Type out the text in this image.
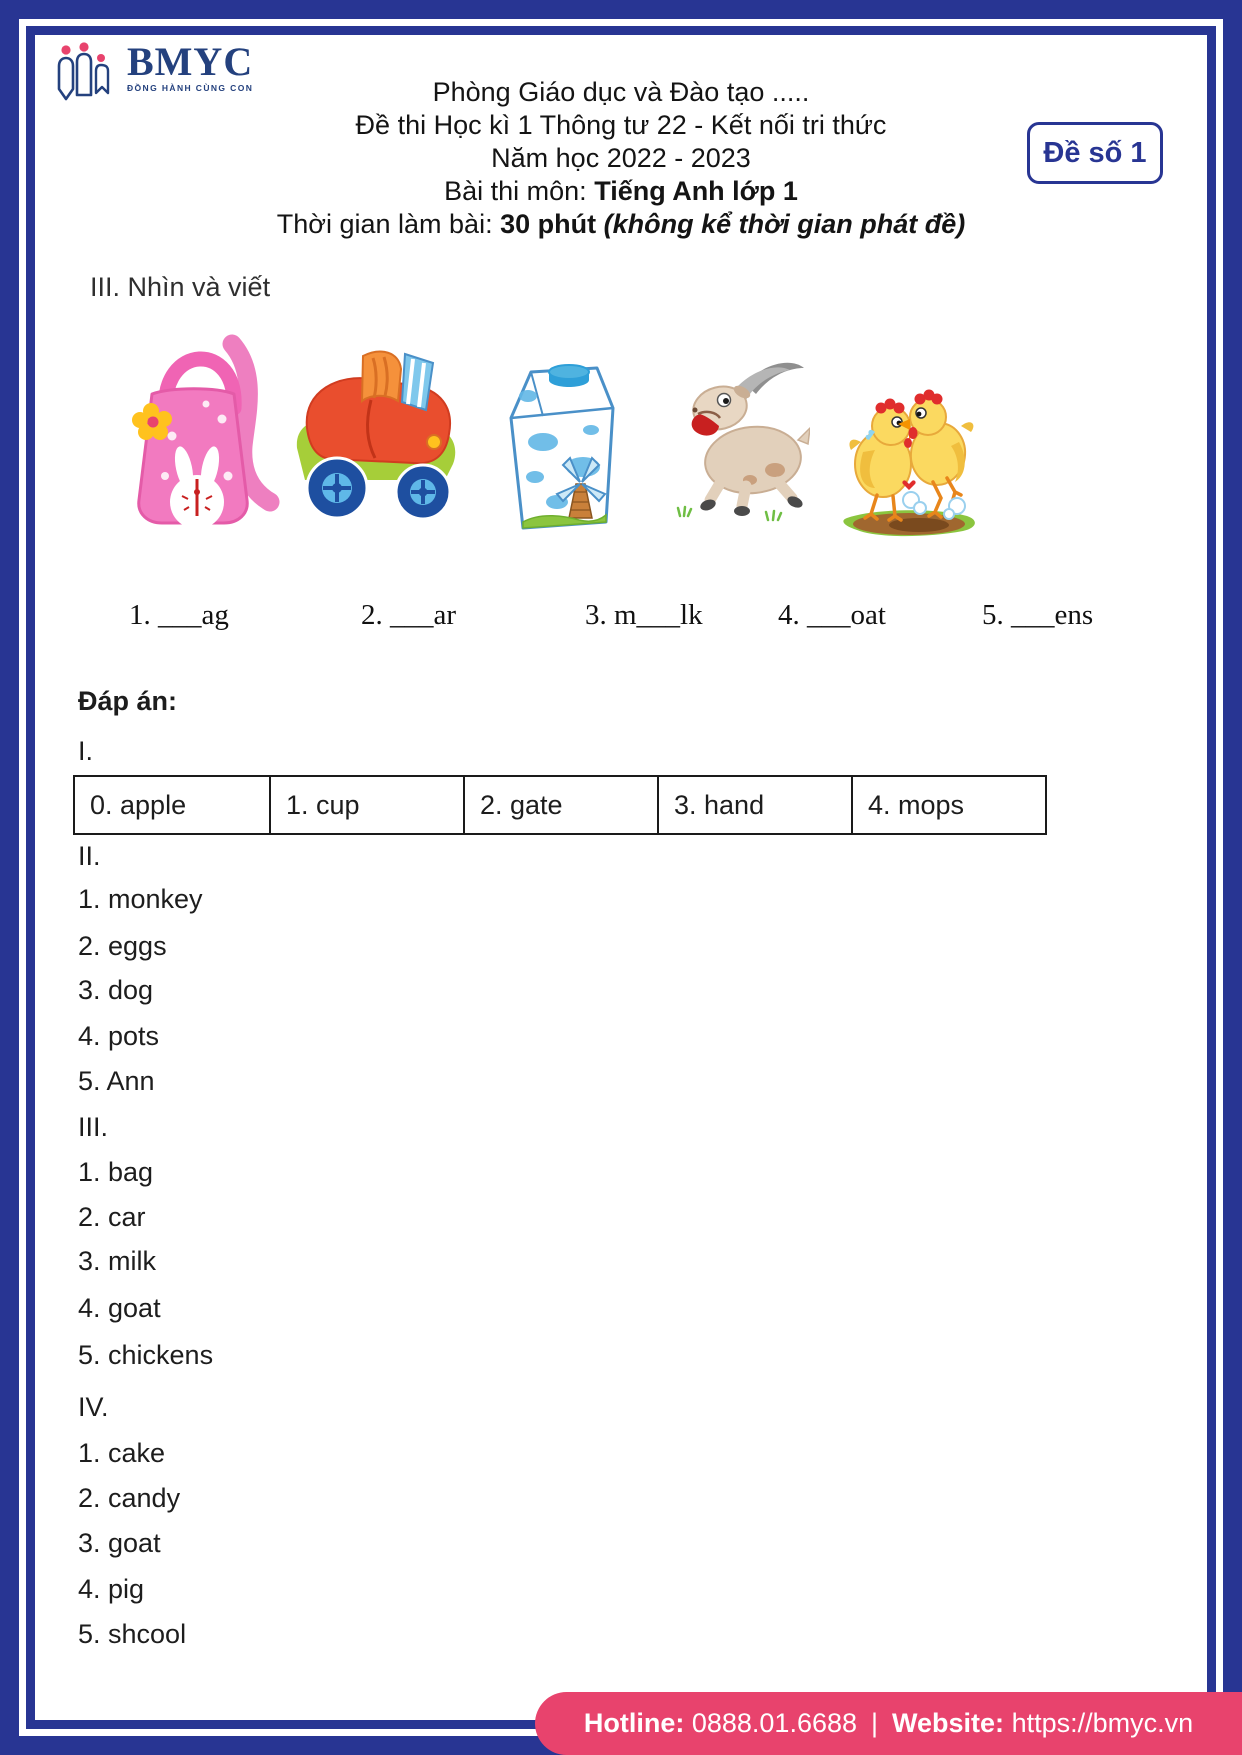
BMYC
ĐỒNG HÀNH CÙNG CON	Phòng Giáo dục và Đào tạo .....
Đề thi Học kì 1 Thông tư 22 - Kết nối tri thức
Năm học 2022 - 2023
Bài thi môn: Tiếng Anh lớp 1
Thời gian làm bài: 30 phút (không kể thời gian phát đề)
Đề số 1
III. Nhìn và viết
1. ___ag	2. ___ar	3. m___lk	4. ___oat	5. ___ens
Đáp án:
I.
0. apple	1. cup	2. gate	3. hand	4. mops
II.
1. monkey
2. eggs
3. dog
4. pots
5. Ann
III.
1. bag
2. car
3. milk
4. goat
5. chickens
IV.
1. cake
2. candy
3. goat
4. pig
5. shcool
Hotline: 0888.01.6688 | Website: https://bmyc.vn
